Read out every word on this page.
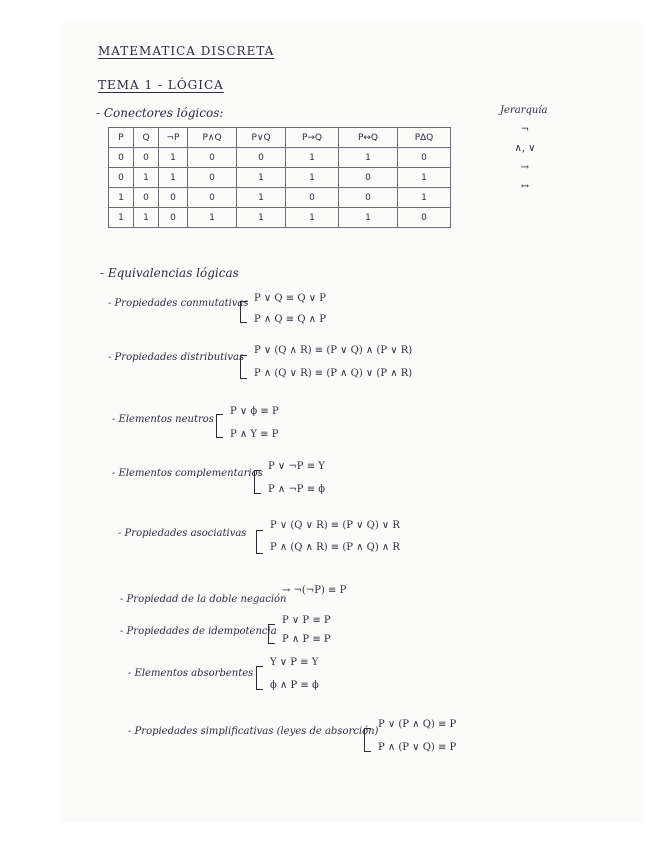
MATEMATICA DISCRETA
TEMA 1 - LÓGICA
- Conectores lógicos:
P	Q	¬P	P∧Q	P∨Q	P→Q	P↔Q	P∆Q
0	0	1	0	0	1	1	0
0	1	1	0	1	1	0	1
1	0	0	0	1	0	0	1
1	1	0	1	1	1	1	0
Jerarquía
¬
∧, ∨
→
↔
- Equivalencias lógicas
- Propiedades conmutativas P ∨ Q ≡ Q ∨ P
P ∧ Q ≡ Q ∧ P
- Propiedades distributivas
P ∨ (Q ∧ R) ≡ (P ∨ Q) ∧ (P ∨ R)
P ∧ (Q ∨ R) ≡ (P ∧ Q) ∨ (P ∧ R)
- Elementos neutros
P ∨ ϕ ≡ P
P ∧ Υ ≡ P
- Elementos complementarios
P ∨ ¬P ≡ Υ
P ∧ ¬P ≡ ϕ
- Propiedades asociativas
P ∨ (Q ∨ R) ≡ (P ∨ Q) ∨ R
P ∧ (Q ∧ R) ≡ (P ∧ Q) ∧ R
- Propiedad de la doble negación
→ ¬(¬P) ≡ P
- Propiedades de idempotencia
P ∨ P ≡ P
P ∧ P ≡ P
- Elementos absorbentes
Υ ∨ P ≡ Υ
ϕ ∧ P ≡ ϕ
- Propiedades simplificativas (leyes de absorción)
P ∨ (P ∧ Q) ≡ P
P ∧ (P ∨ Q) ≡ P
